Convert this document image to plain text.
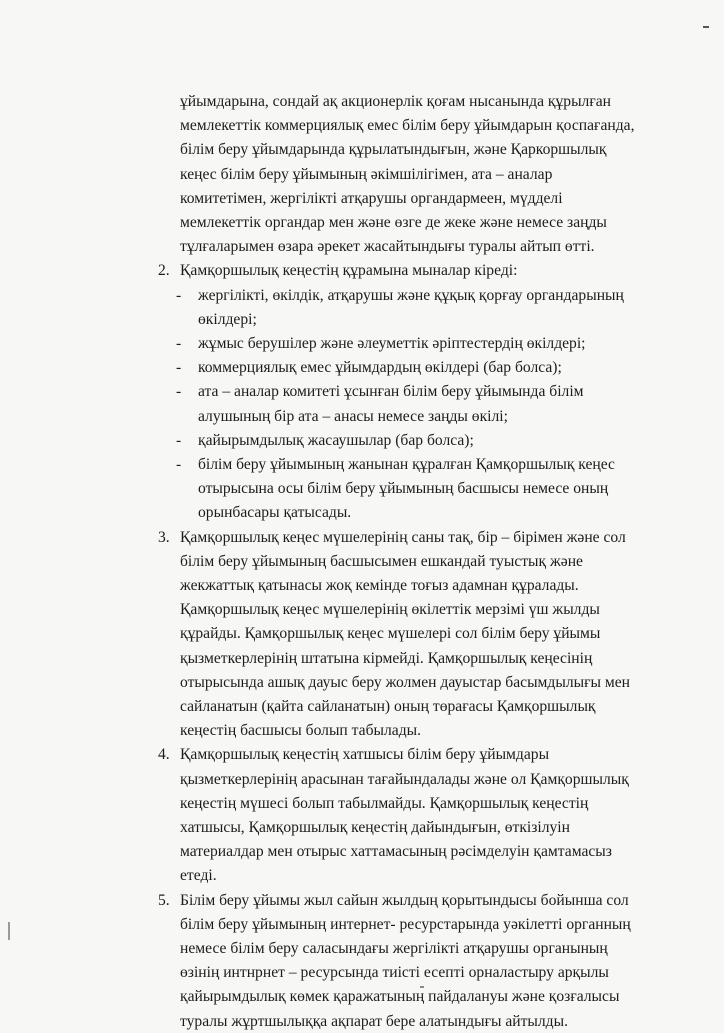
ұйымдарына, сондай ақ акционерлік қоғам нысанында құрылған
мемлекеттік коммерциялық емес білім беру ұйымдарын қоспағанда,
білім беру ұйымдарында құрылатындығын, және Қаркоршылық
кеңес білім беру ұйымының әкімшілігімен, ата – аналар
комитетімен, жергілікті атқарушы органдармеен, мүдделі
мемлекеттік органдар мен және өзге де жеке және немесе заңды
тұлғаларымен өзара әрекет жасайтындығы туралы айтып өтті.
2. Қамқоршылық кеңестің құрамына мыналар кіреді:
- жергілікті, өкілдік, атқарушы және құқық қорғау органдарының
өкілдері;
- жұмыс берушілер және әлеуметтік әріптестердің өкілдері;
- коммерциялық емес ұйымдардың өкілдері (бар болса);
- ата – аналар комитеті ұсынған білім беру ұйымында білім
алушының бір ата – анасы немесе заңды өкілі;
- қайырымдылық жасаушылар (бар болса);
- білім беру ұйымының жанынан құралған Қамқоршылық кеңес
отырысына осы білім беру ұйымының басшысы немесе оның
орынбасары қатысады.
3. Қамқоршылық кеңес мүшелерінің саны тақ, бір – бірімен және сол
білім беру ұйымының басшысымен ешкандай туыстық және
жекжаттық қатынасы жоқ кемінде тоғыз адамнан құралады.
Қамқоршылық кеңес мүшелерінің өкілеттік мерзімі үш жылды
құрайды. Қамқоршылық кеңес мүшелері сол білім беру ұйымы
қызметкерлерінің штатына кірмейді. Қамқоршылық кеңесінің
отырысында ашық дауыс беру жолмен дауыстар басымдылығы мен
сайланатын (қайта сайланатын) оның төрағасы Қамқоршылық
кеңестің басшысы болып табылады.
4. Қамқоршылық кеңестің хатшысы білім беру ұйымдары
қызметкерлерінің арасынан тағайындалады және ол Қамқоршылық
кеңестің мүшесі болып табылмайды. Қамқоршылық кеңестің
хатшысы, Қамқоршылық кеңестің дайындығын, өткізілуін
материалдар мен отырыс хаттамасының рәсімделуін қамтамасыз
етеді.
5. Білім беру ұйымы жыл сайын жылдың қорытындысы бойынша сол
білім беру ұйымының интернет- ресурстарында уәкілетті органның
немесе білім беру саласындағы жергілікті атқарушы органының
өзінің интнрнет – ресурсында тиісті есепті орналастыру арқылы
қайырымдылық көмек қаражатының пайдалануы және қозғалысы
туралы жұртшылыққа ақпарат бере алатындығы айтылды.
